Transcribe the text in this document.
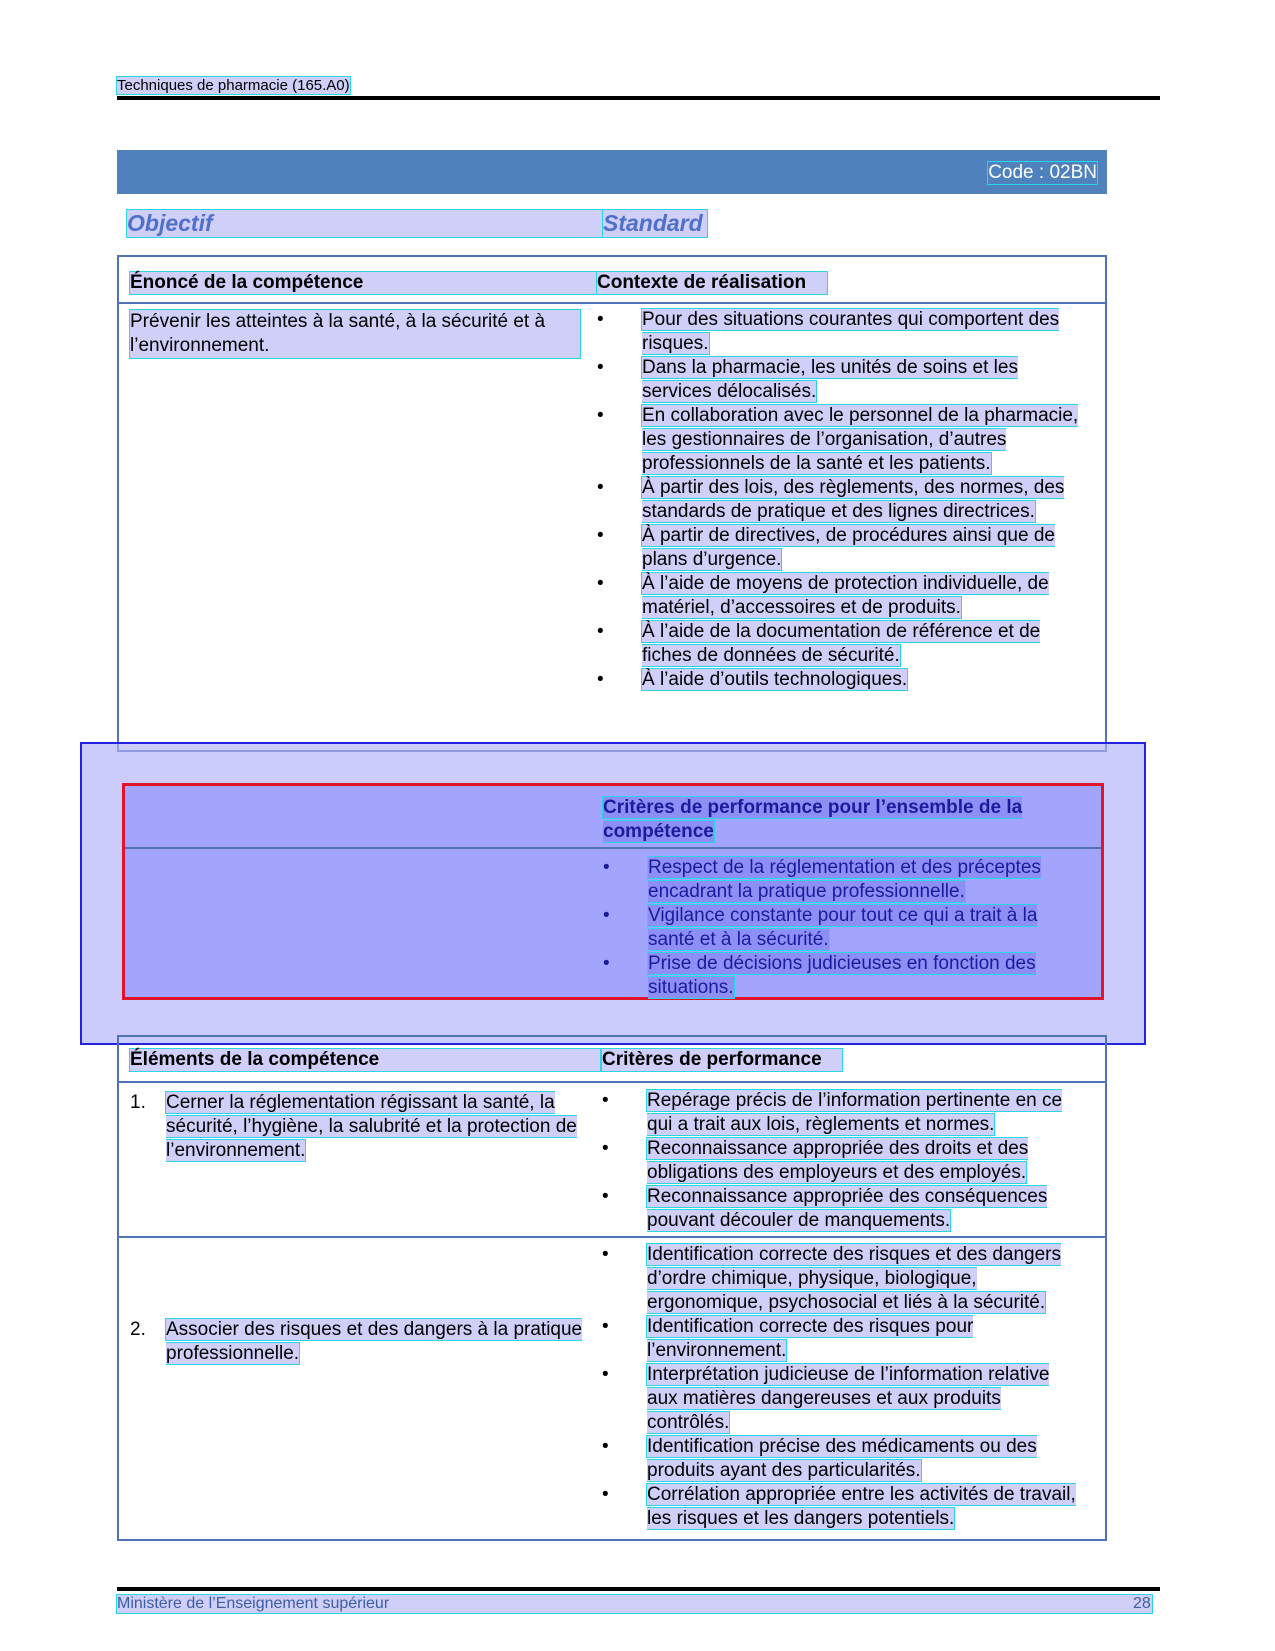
Techniques de pharmacie (165.A0)
Code : 02BN
Objectif	Standard
Énoncé de la compétence	Contexte de réalisation
Prévenir les atteintes à la santé, à la sécurité et à l’environnement.
• Pour des situations courantes qui comportent des risques.
• Dans la pharmacie, les unités de soins et les services délocalisés.
• En collaboration avec le personnel de la pharmacie, les gestionnaires de l’organisation, d’autres professionnels de la santé et les patients.
• À partir des lois, des règlements, des normes, des standards de pratique et des lignes directrices.
• À partir de directives, de procédures ainsi que de plans d’urgence.
• À l’aide de moyens de protection individuelle, de matériel, d’accessoires et de produits.
• À l’aide de la documentation de référence et de fiches de données de sécurité.
• À l’aide d’outils technologiques.
Critères de performance pour l’ensemble de la compétence
• Respect de la réglementation et des préceptes encadrant la pratique professionnelle.
• Vigilance constante pour tout ce qui a trait à la santé et à la sécurité.
• Prise de décisions judicieuses en fonction des situations.
Éléments de la compétence	Critères de performance
1. Cerner la réglementation régissant la santé, la sécurité, l’hygiène, la salubrité et la protection de l’environnement.
• Repérage précis de l’information pertinente en ce qui a trait aux lois, règlements et normes.
• Reconnaissance appropriée des droits et des obligations des employeurs et des employés.
• Reconnaissance appropriée des conséquences pouvant découler de manquements.
2. Associer des risques et des dangers à la pratique professionnelle.
• Identification correcte des risques et des dangers d’ordre chimique, physique, biologique, ergonomique, psychosocial et liés à la sécurité.
• Identification correcte des risques pour l’environnement.
• Interprétation judicieuse de l’information relative aux matières dangereuses et aux produits contrôlés.
• Identification précise des médicaments ou des produits ayant des particularités.
• Corrélation appropriée entre les activités de travail, les risques et les dangers potentiels.
Ministère de l’Enseignement supérieur	28
